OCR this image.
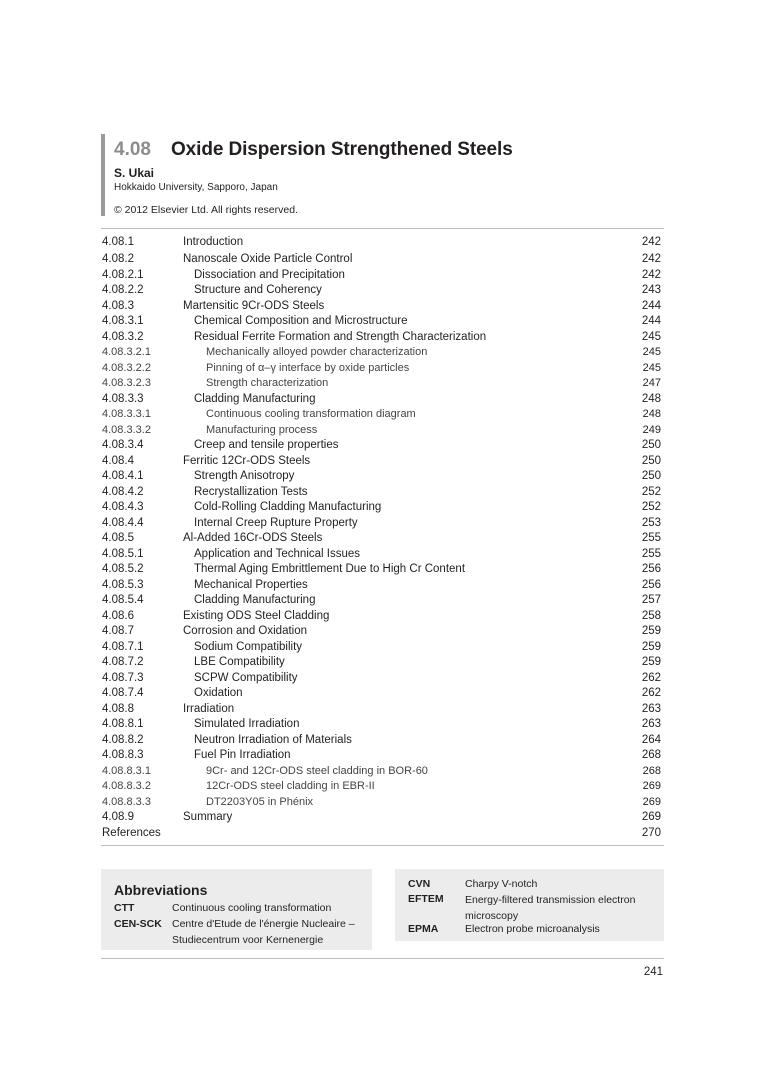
4.08 Oxide Dispersion Strengthened Steels
S. Ukai
Hokkaido University, Sapporo, Japan
© 2012 Elsevier Ltd. All rights reserved.
4.08.1	Introduction	242
4.08.2	Nanoscale Oxide Particle Control	242
4.08.2.1	Dissociation and Precipitation	242
4.08.2.2	Structure and Coherency	243
4.08.3	Martensitic 9Cr-ODS Steels	244
4.08.3.1	Chemical Composition and Microstructure	244
4.08.3.2	Residual Ferrite Formation and Strength Characterization	245
4.08.3.2.1	Mechanically alloyed powder characterization	245
4.08.3.2.2	Pinning of α–γ interface by oxide particles	245
4.08.3.2.3	Strength characterization	247
4.08.3.3	Cladding Manufacturing	248
4.08.3.3.1	Continuous cooling transformation diagram	248
4.08.3.3.2	Manufacturing process	249
4.08.3.4	Creep and tensile properties	250
4.08.4	Ferritic 12Cr-ODS Steels	250
4.08.4.1	Strength Anisotropy	250
4.08.4.2	Recrystallization Tests	252
4.08.4.3	Cold-Rolling Cladding Manufacturing	252
4.08.4.4	Internal Creep Rupture Property	253
4.08.5	Al-Added 16Cr-ODS Steels	255
4.08.5.1	Application and Technical Issues	255
4.08.5.2	Thermal Aging Embrittlement Due to High Cr Content	256
4.08.5.3	Mechanical Properties	256
4.08.5.4	Cladding Manufacturing	257
4.08.6	Existing ODS Steel Cladding	258
4.08.7	Corrosion and Oxidation	259
4.08.7.1	Sodium Compatibility	259
4.08.7.2	LBE Compatibility	259
4.08.7.3	SCPW Compatibility	262
4.08.7.4	Oxidation	262
4.08.8	Irradiation	263
4.08.8.1	Simulated Irradiation	263
4.08.8.2	Neutron Irradiation of Materials	264
4.08.8.3	Fuel Pin Irradiation	268
4.08.8.3.1	9Cr- and 12Cr-ODS steel cladding in BOR-60	268
4.08.8.3.2	12Cr-ODS steel cladding in EBR-II	269
4.08.8.3.3	DT2203Y05 in Phénix	269
4.08.9	Summary	269
References	270
Abbreviations
CTT	Continuous cooling transformation
CEN-SCK Centre d'Etude de l'énergie Nucleaire –
Studiecentrum voor Kernenergie
CVN	Charpy V-notch
EFTEM Energy-filtered transmission electron
microscopy
EPMA	Electron probe microanalysis
241
